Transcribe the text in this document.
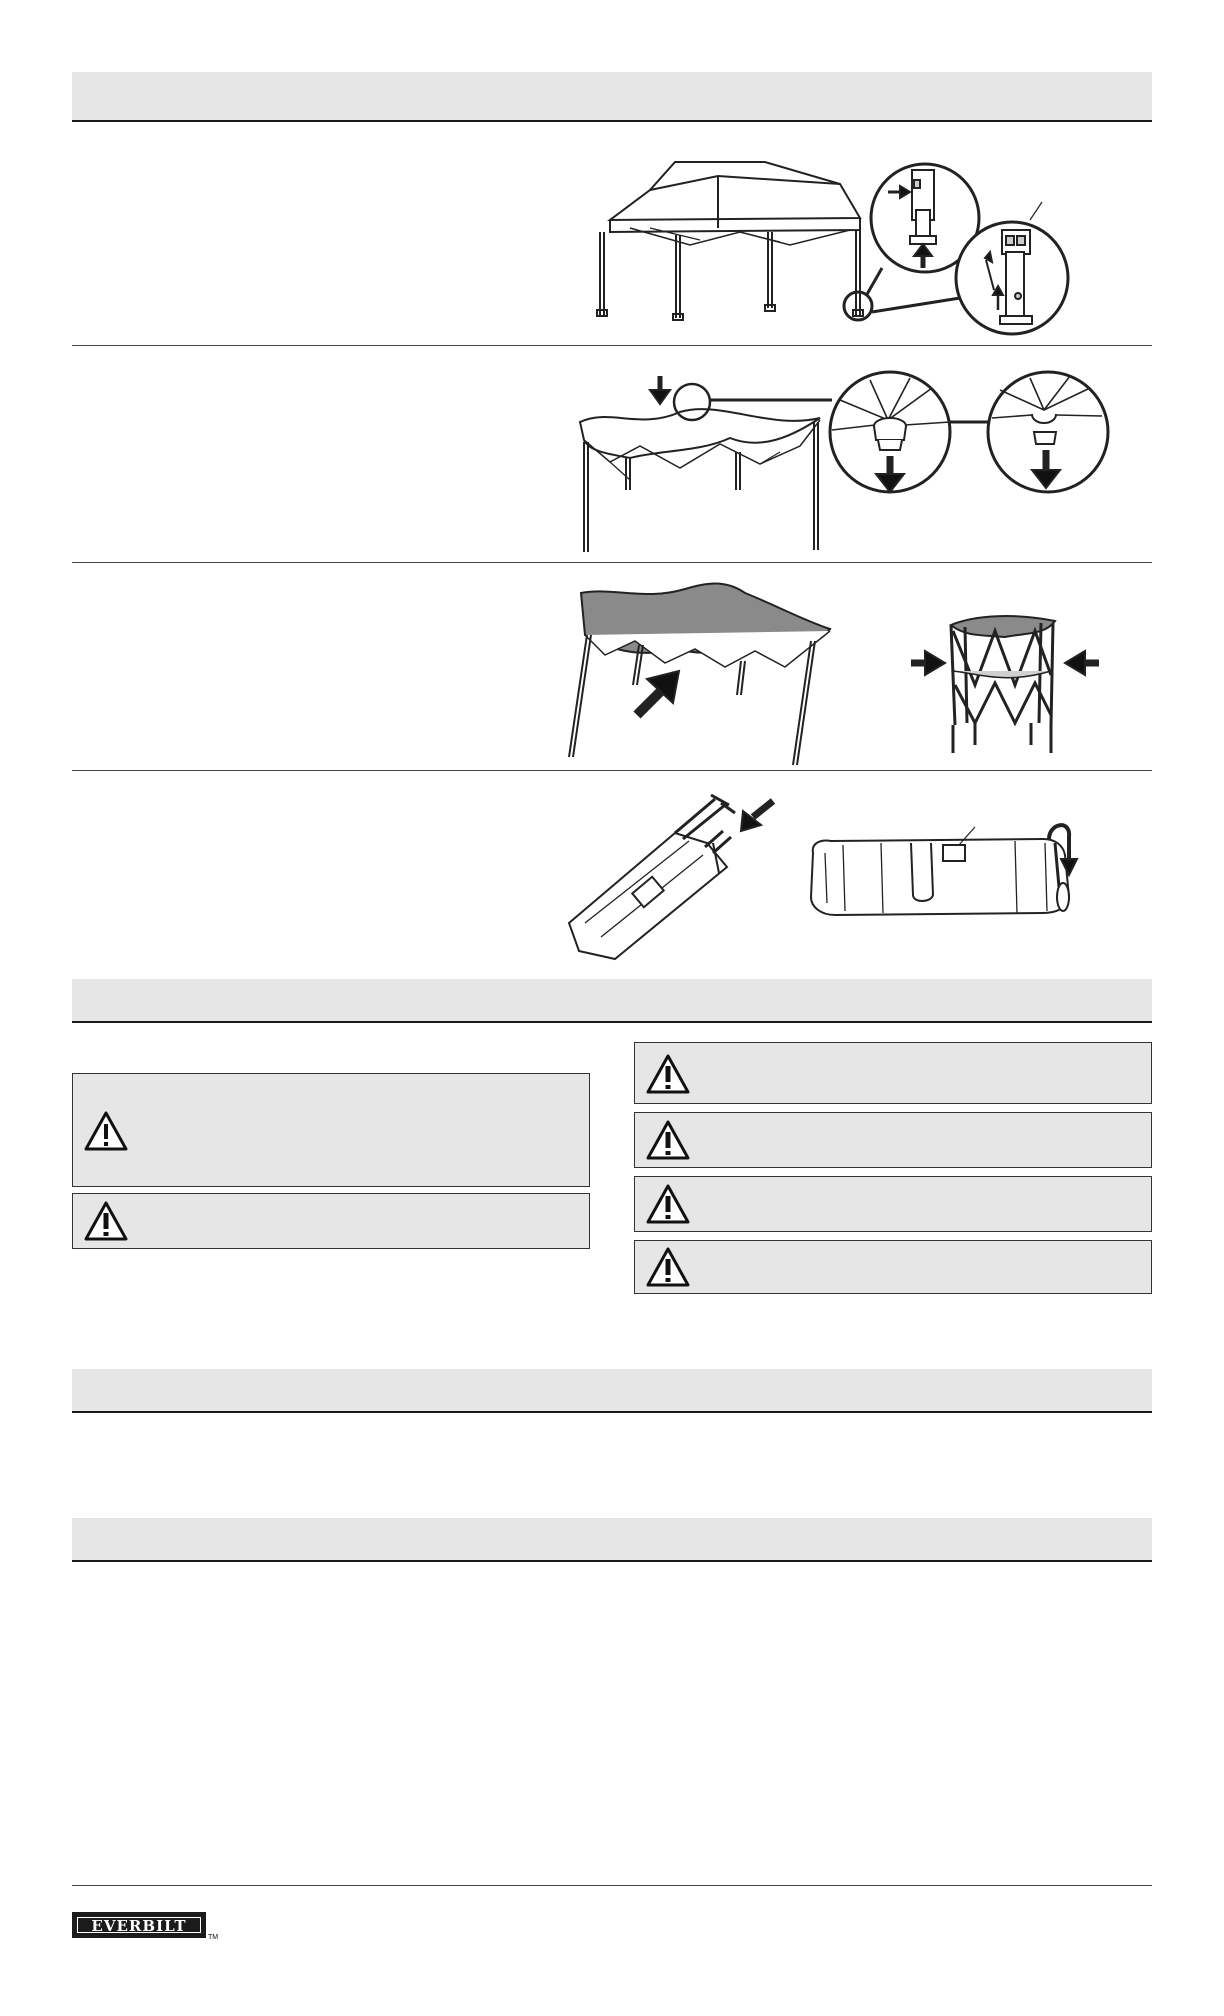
EVERBILT
TM
